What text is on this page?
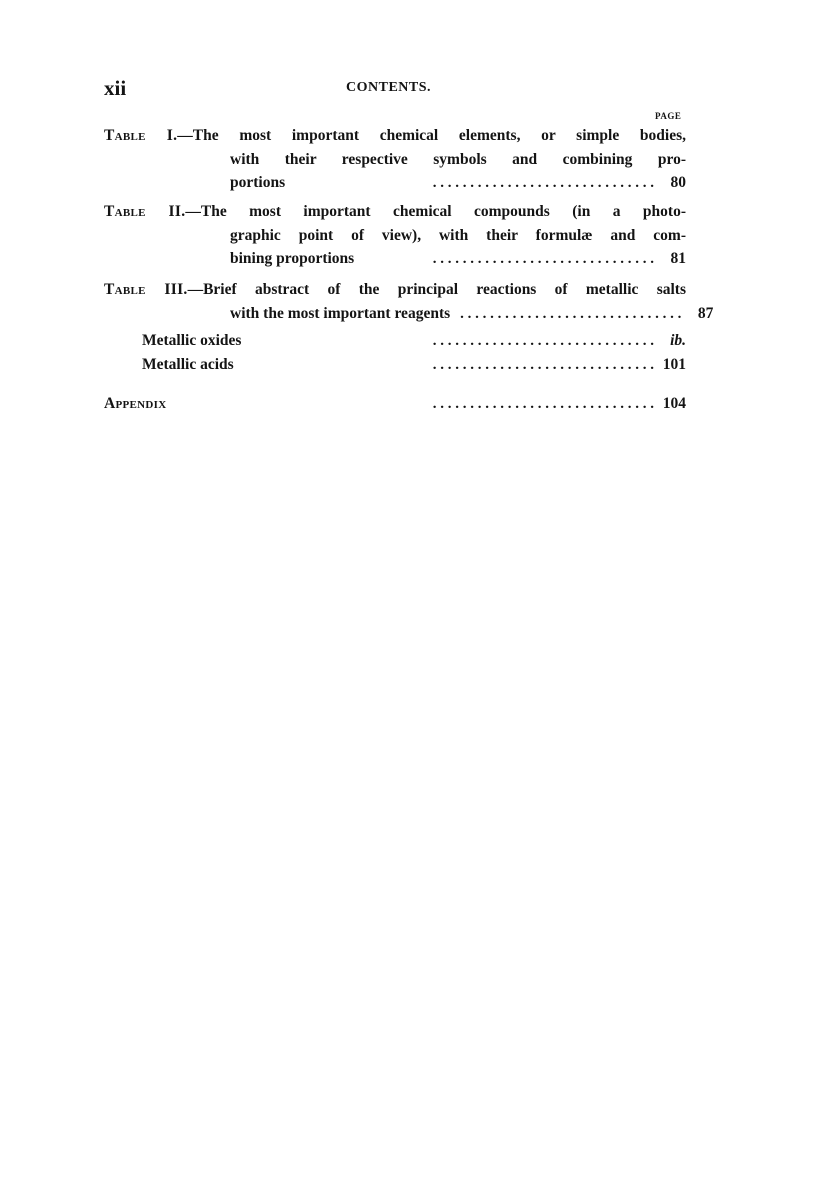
xii	CONTENTS.
PAGE
Table I.—The most important chemical elements, or simple bodies,
with their respective symbols and combining pro-
portions	. . . . . . . . . . . . . . . . . . . . . . . . . . . . . .	80
Table II.—The most important chemical compounds (in a photo-
graphic point of view), with their formulæ and com-
bining proportions	. . . . . . . . . . . . . . . . . . . . . . . . . . . . . .	81
Table III.—Brief abstract of the principal reactions of metallic salts
with the most important reagents . . . . . . . . . . . . . . . . . . . . . . . . . . . . . .	87
Metallic oxides	. . . . . . . . . . . . . . . . . . . . . . . . . . . . . .	ib.
Metallic acids	. . . . . . . . . . . . . . . . . . . . . . . . . . . . . . 101
Appendix	. . . . . . . . . . . . . . . . . . . . . . . . . . . . . . 104
